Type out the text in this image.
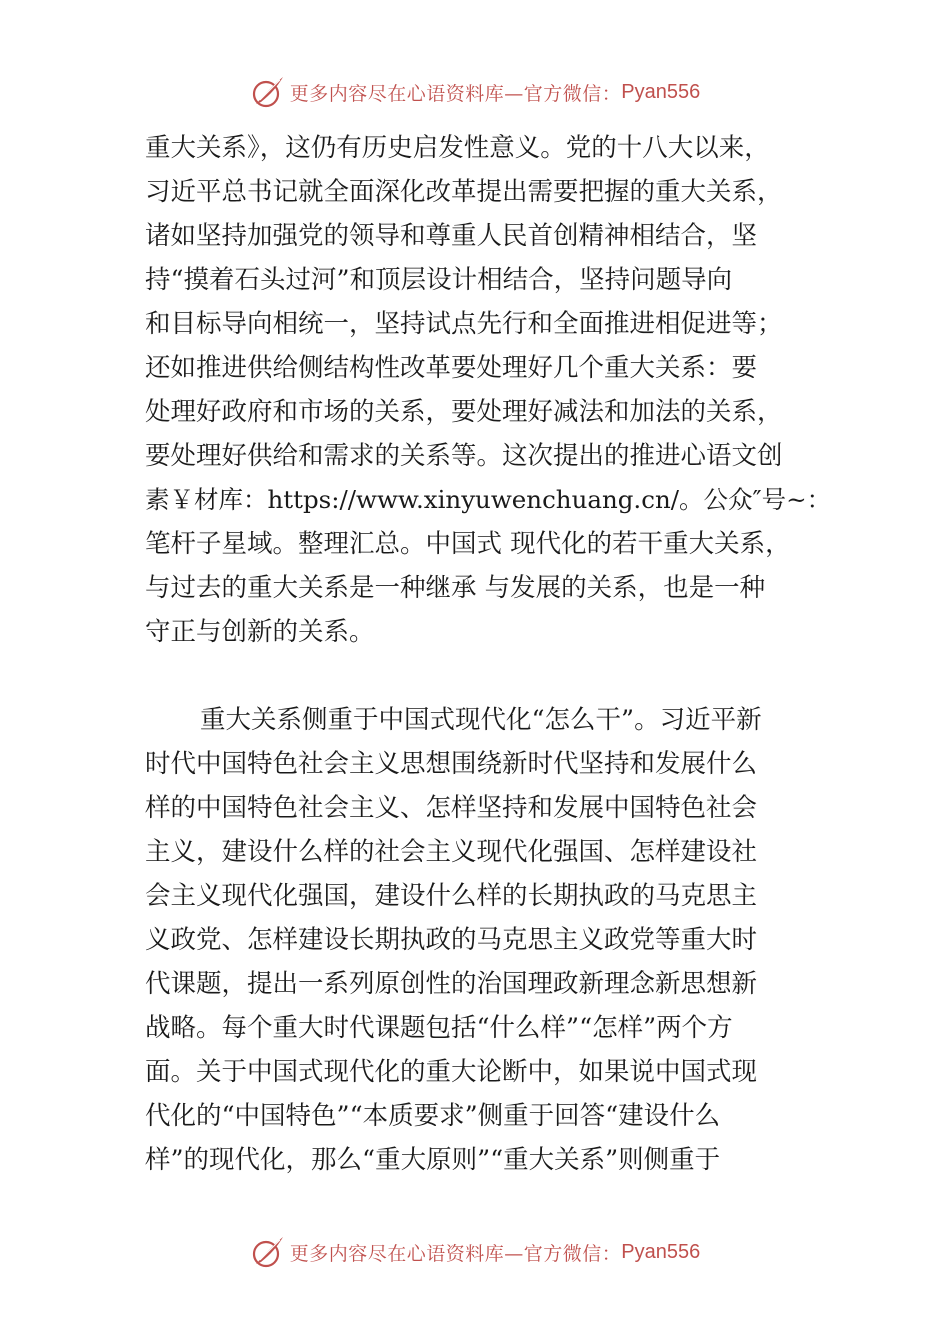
更多内容尽在心语资料库—官方微信： Pyan556
重大关系》，这仍有历史启发性意义。党的十八大以来，
习近平总书记就全面深化改革提出需要把握的重大关系，
诸如坚持加强党的领导和尊重人民首创精神相结合，坚
持“摸着石头过河”和顶层设计相结合，坚持问题导向
和目标导向相统一，坚持试点先行和全面推进相促进等；
还如推进供给侧结构性改革要处理好几个重大关系：要
处理好政府和市场的关系，要处理好减法和加法的关系，
要处理好供给和需求的关系等。这次提出的推进心语文创
素￥材库：https://www.xinyuwenchuang.cn/。公众″号~：
笔杆子星域。整理汇总。中国式 现代化的若干重大关系，
与过去的重大关系是一种继承 与发展的关系，也是一种
守正与创新的关系。
重大关系侧重于中国式现代化“怎么干”。习近平新
时代中国特色社会主义思想围绕新时代坚持和发展什么
样的中国特色社会主义、怎样坚持和发展中国特色社会
主义，建设什么样的社会主义现代化强国、怎样建设社
会主义现代化强国，建设什么样的长期执政的马克思主
义政党、怎样建设长期执政的马克思主义政党等重大时
代课题，提出一系列原创性的治国理政新理念新思想新
战略。每个重大时代课题包括“什么样”“怎样”两个方
面。关于中国式现代化的重大论断中，如果说中国式现
代化的“中国特色”“本质要求”侧重于回答“建设什么
样”的现代化，那么“重大原则”“重大关系”则侧重于
更多内容尽在心语资料库—官方微信： Pyan556
